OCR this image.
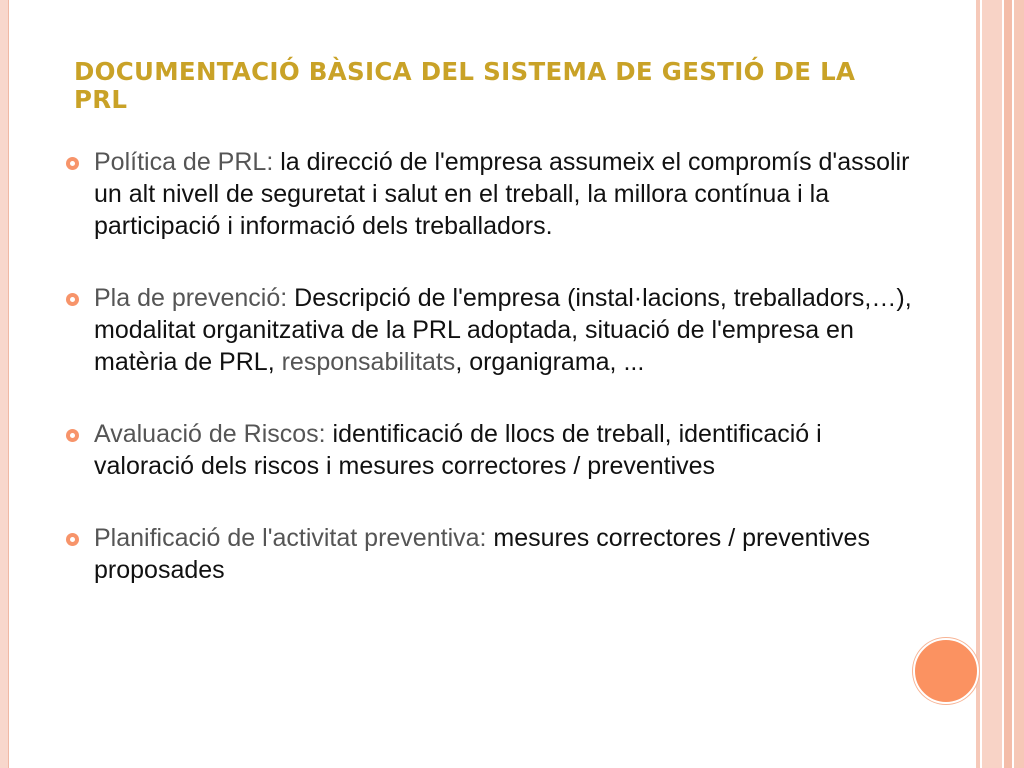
DOCUMENTACIÓ BÀSICA DEL SISTEMA DE GESTIÓ DE LA PRL

Política de PRL: la direcció de l'empresa assumeix el compromís d'assolir un alt nivell de seguretat i salut en el treball, la millora contínua i la participació i informació dels treballadors.

Pla de prevenció: Descripció de l'empresa (instal·lacions, treballadors,…), modalitat organitzativa de la PRL adoptada, situació de l'empresa en matèria de PRL, responsabilitats, organigrama, ...

Avaluació de Riscos: identificació de llocs de treball, identificació i valoració dels riscos i mesures correctores / preventives

Planificació de l'activitat preventiva: mesures correctores / preventives proposades
